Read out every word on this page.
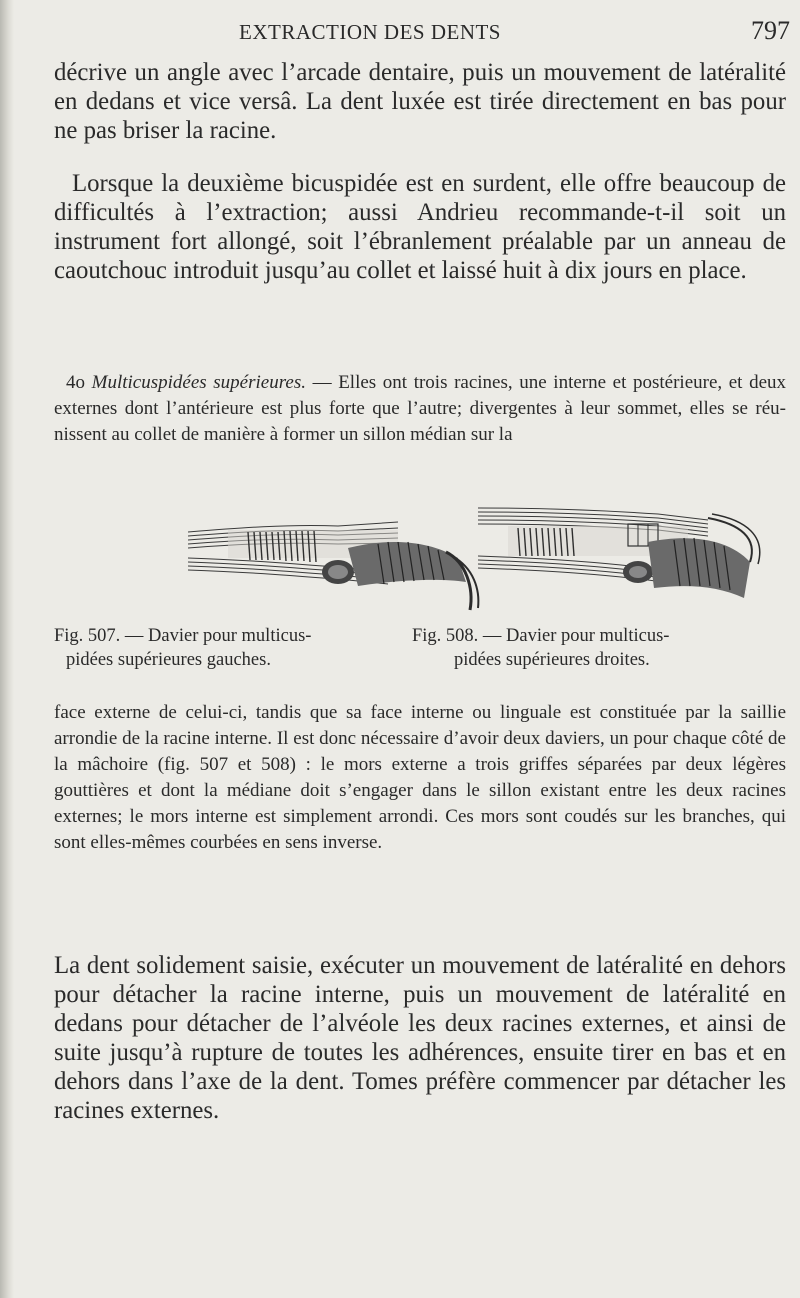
EXTRACTION DES DENTS	797

décrive un angle avec l’arcade dentaire, puis un mouvement de latéralité en dedans et vice versâ. La dent luxée est tirée directement en bas pour ne pas briser la racine.

Lorsque la deuxième bicuspidée est en surdent, elle offre beaucoup de difficultés à l’extraction; aussi Andrieu recommande-t-il soit un instrument fort allongé, soit l’ébranlement préalable par un anneau de caoutchouc introduit jusqu’au collet et laissé huit à dix jours en place.

4o Multicuspidées supérieures. — Elles ont trois racines, une interne et postérieure, et deux externes dont l’antérieure est plus forte que l’autre; divergentes à leur sommet, elles se réunissent au collet de manière à former un sillon médian sur la

Fig. 507. — Davier pour multicus-
pidées supérieures gauches.

Fig. 508. — Davier pour multicus-
pidées supérieures droites.

face externe de celui-ci, tandis que sa face interne ou linguale est constituée par la saillie arrondie de la racine interne. Il est donc nécessaire d’avoir deux daviers, un pour chaque côté de la mâchoire (fig. 507 et 508) : le mors externe a trois griffes séparées par deux légères gouttières et dont la médiane doit s’engager dans le sillon existant entre les deux racines externes; le mors interne est simplement arrondi. Ces mors sont coudés sur les branches, qui sont elles-mêmes courbées en sens inverse.

La dent solidement saisie, exécuter un mouvement de latéralité en dehors pour détacher la racine interne, puis un mouvement de latéralité en dedans pour détacher de l’alvéole les deux racines externes, et ainsi de suite jusqu’à rupture de toutes les adhérences, ensuite tirer en bas et en dehors dans l’axe de la dent. Tomes préfère commencer par détacher les racines externes.
